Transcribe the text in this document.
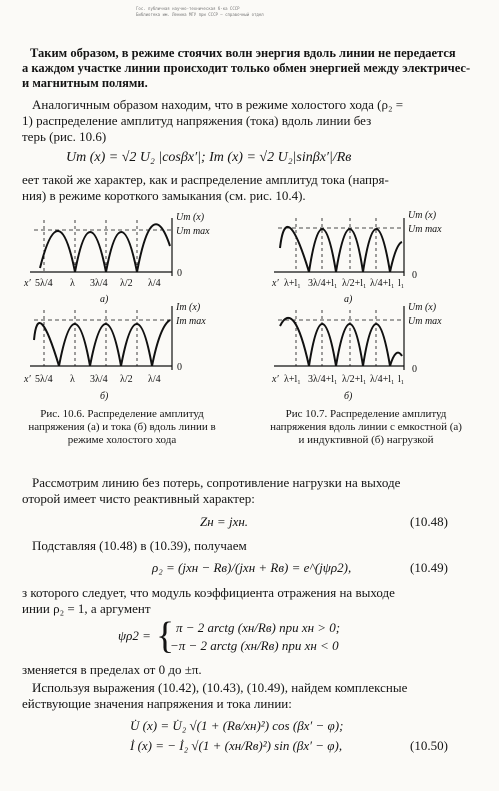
Гос. публичная научно-техническая б-ка СССР
Библиотека им. Ленина МГУ при СССР — справочный отдел
Таким образом, в режиме стоячих волн энергия вдоль линии не передается
а каждом участке линии происходит только обмен энергией между электричес-
и магнитным полями.
Аналогичным образом находим, что в режиме холостого хода (ρ₂ =
1) распределение амплитуд напряжения (тока) вдоль линии без
терь (рис. 10.6)
Um (x) = √2 U₂ |cosβx′|; Im (x) = √2 U₂|sinβx′|/Rв
еет такой же характер, как и распределение амплитуд тока (напря-
ния) в режиме короткого замыкания (см. рис. 10.4).
Um (x)
Um max
0
x′ 5λ/4 λ 3λ/4 λ/2 λ/4
а)
Im (x)
Im max
0
x′ 5λ/4 λ 3λ/4 λ/2 λ/4
б)
Um (x)
Um max
0
x′ λ+l₁ 3λ/4+l₁ λ/2+l₁ λ/4+l₁ l₁
а)
Um (x)
Um max
0
x′ λ+l₁ 3λ/4+l₁ λ/2+l₁ λ/4+l₁ l₁
б)
Рис. 10.6. Распределение амплитуд напряжения (а) и тока (б) вдоль линии в режиме холостого хода
Рис 10.7. Распределение амплитуд напряжения вдоль линии с емкостной (а) и индуктивной (б) нагрузкой
Рассмотрим линию без потерь, сопротивление нагрузки на выходе
оторой имеет чисто реактивный характер:
Zн = jxн.	(10.48)
Подставляя (10.48) в (10.39), получаем
ρ₂ = (jxн − Rв)/(jxн + Rв) = e^(jψρ2),	(10.49)
з которого следует, что модуль коэффициента отражения на выходе
инии ρ₂ = 1, а аргумент
ψρ2 = { π − 2 arctg (xн/Rв) при xн > 0;
−π − 2 arctg (xн/Rв) при xн < 0
зменяется в пределах от 0 до ±π.
Используя выражения (10.42), (10.43), (10.49), найдем комплексные
ействующие значения напряжения и тока линии:
U̇ (x) = U̇₂ √(1 + (Rв/xн)²) cos (βx′ − φ);
İ (x) = − İ₂ √(1 + (xн/Rв)²) sin (βx′ − φ),	(10.50)
